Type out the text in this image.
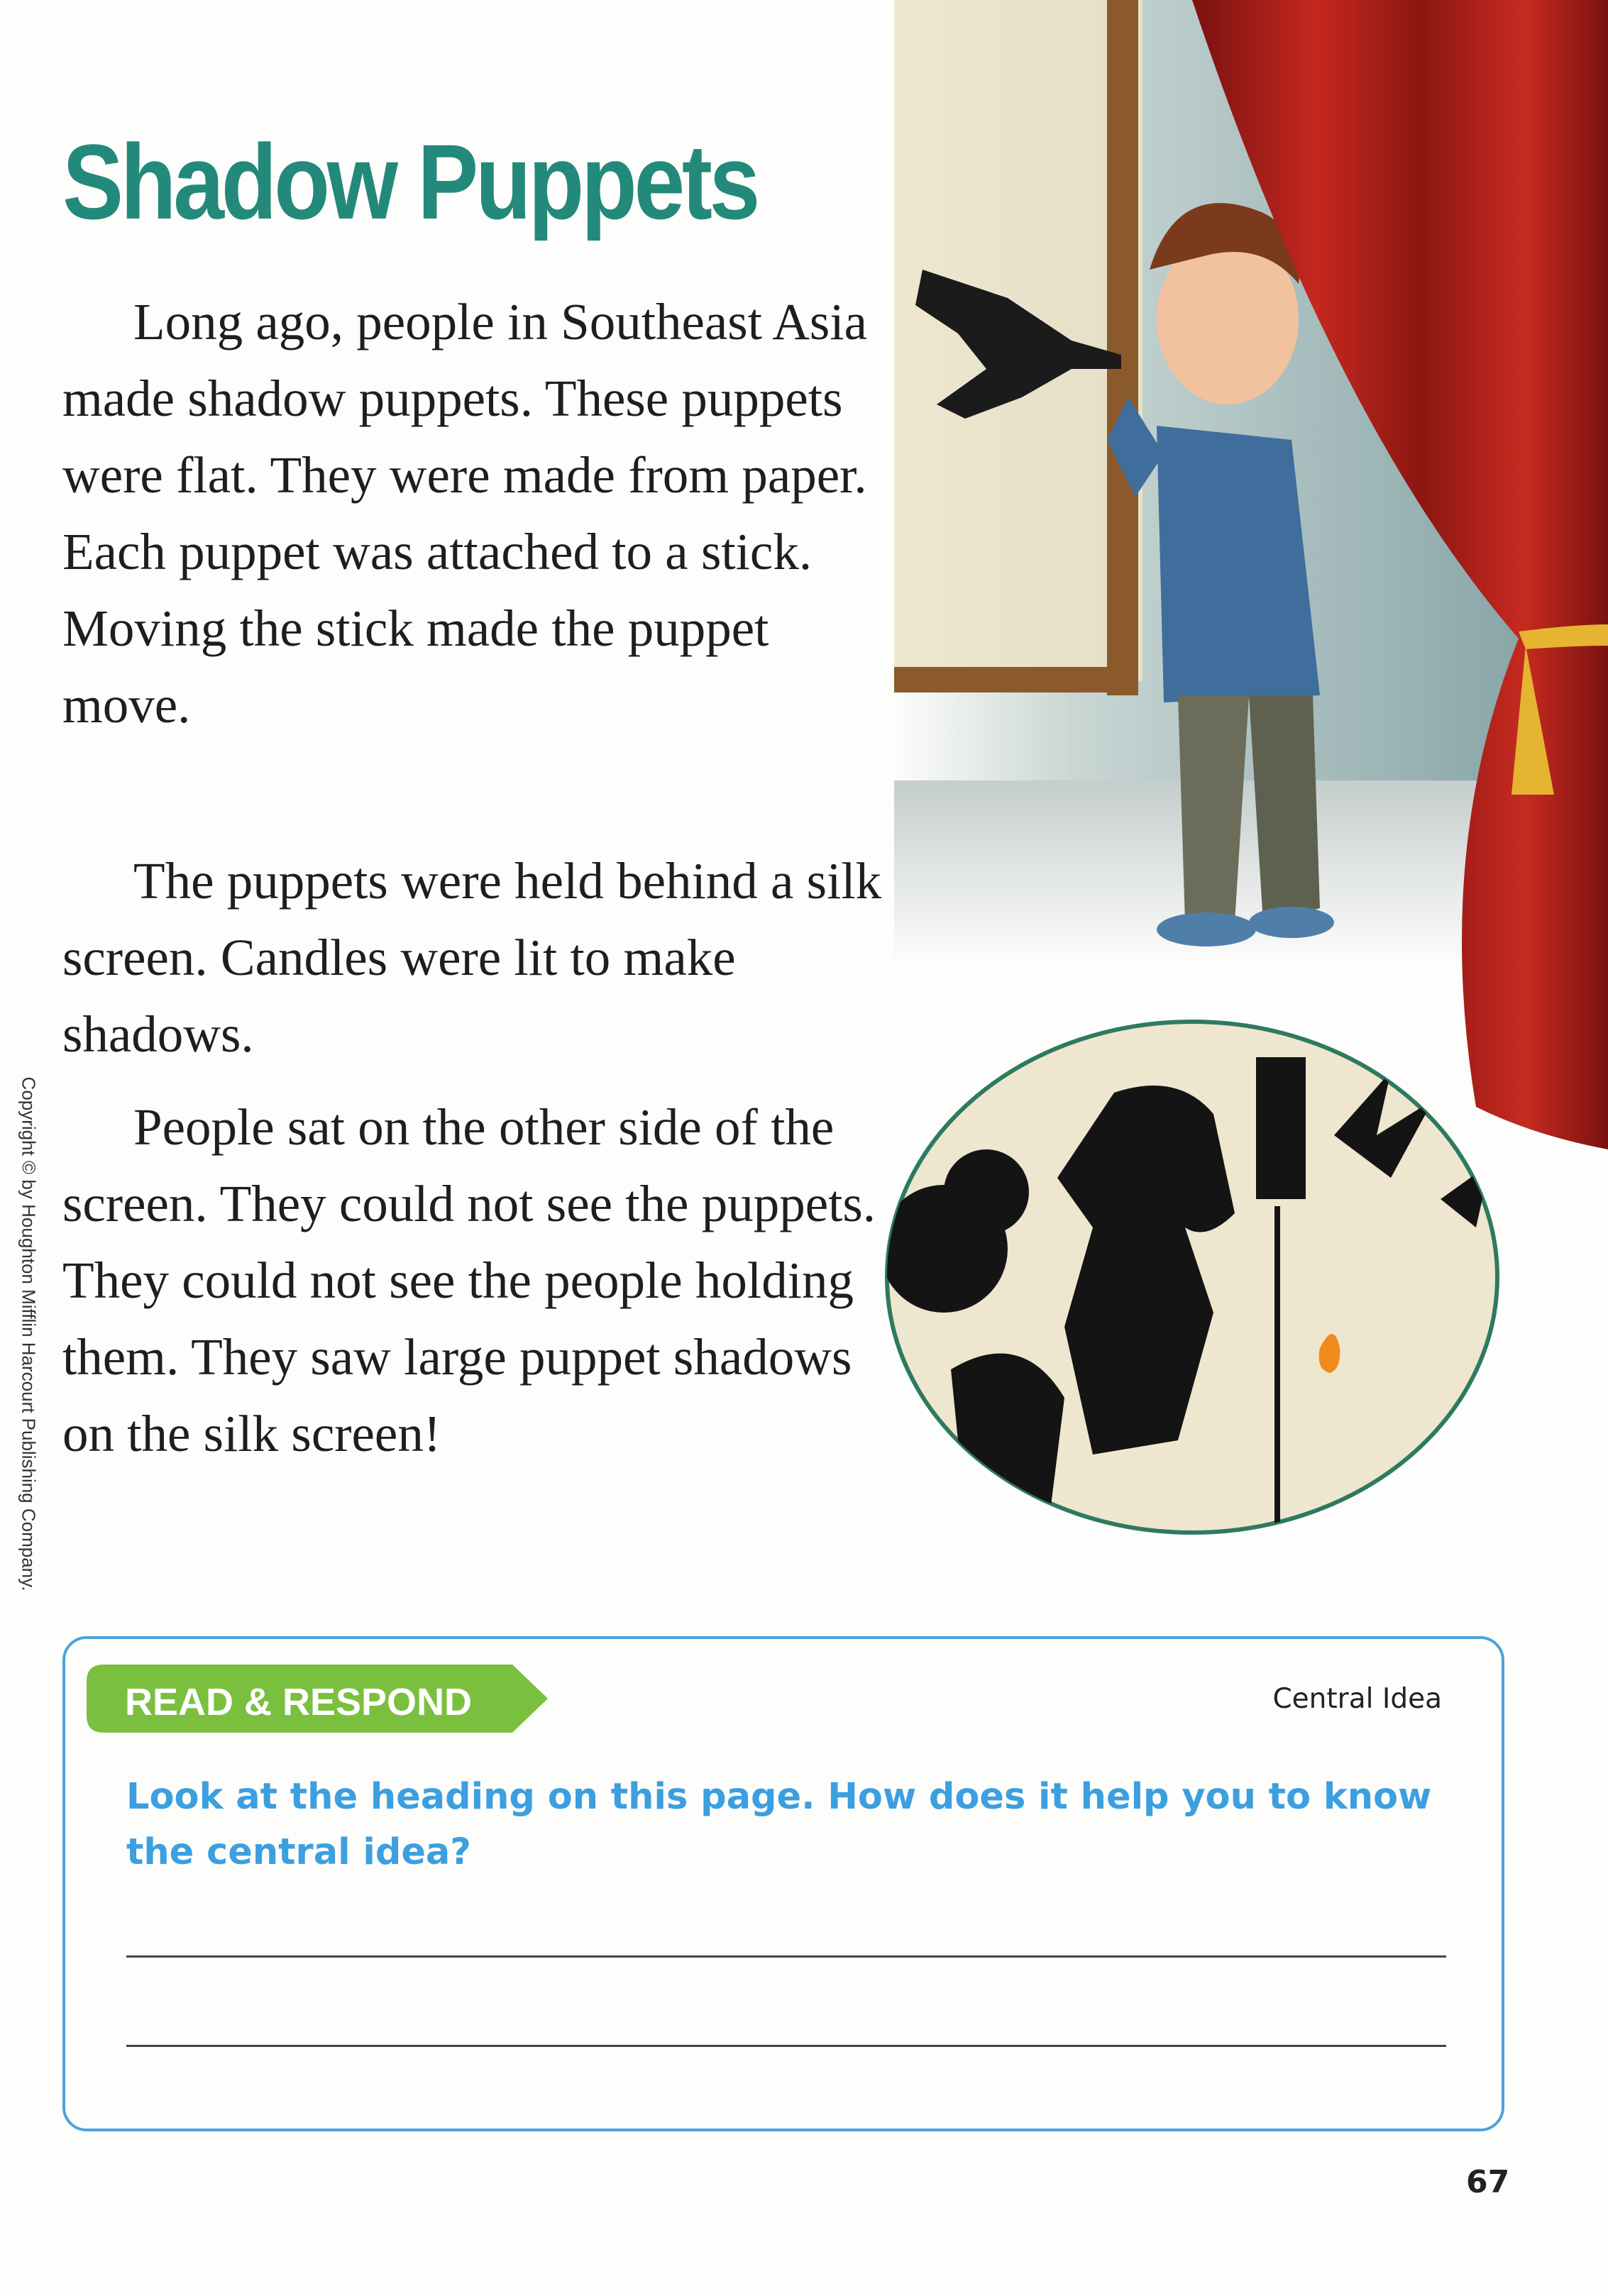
Shadow Puppets

Long ago, people in Southeast Asia made shadow puppets. These puppets were flat. They were made from paper. Each puppet was attached to a stick. Moving the stick made the puppet move.

The puppets were held behind a silk screen. Candles were lit to make shadows.

People sat on the other side of the screen. They could not see the puppets. They could not see the people holding them. They saw large puppet shadows on the silk screen!

Copyright © by Houghton Mifflin Harcourt Publishing Company.
READ & RESPOND	Central Idea
Look at the heading on this page. How does it help you to know the central idea?
67
